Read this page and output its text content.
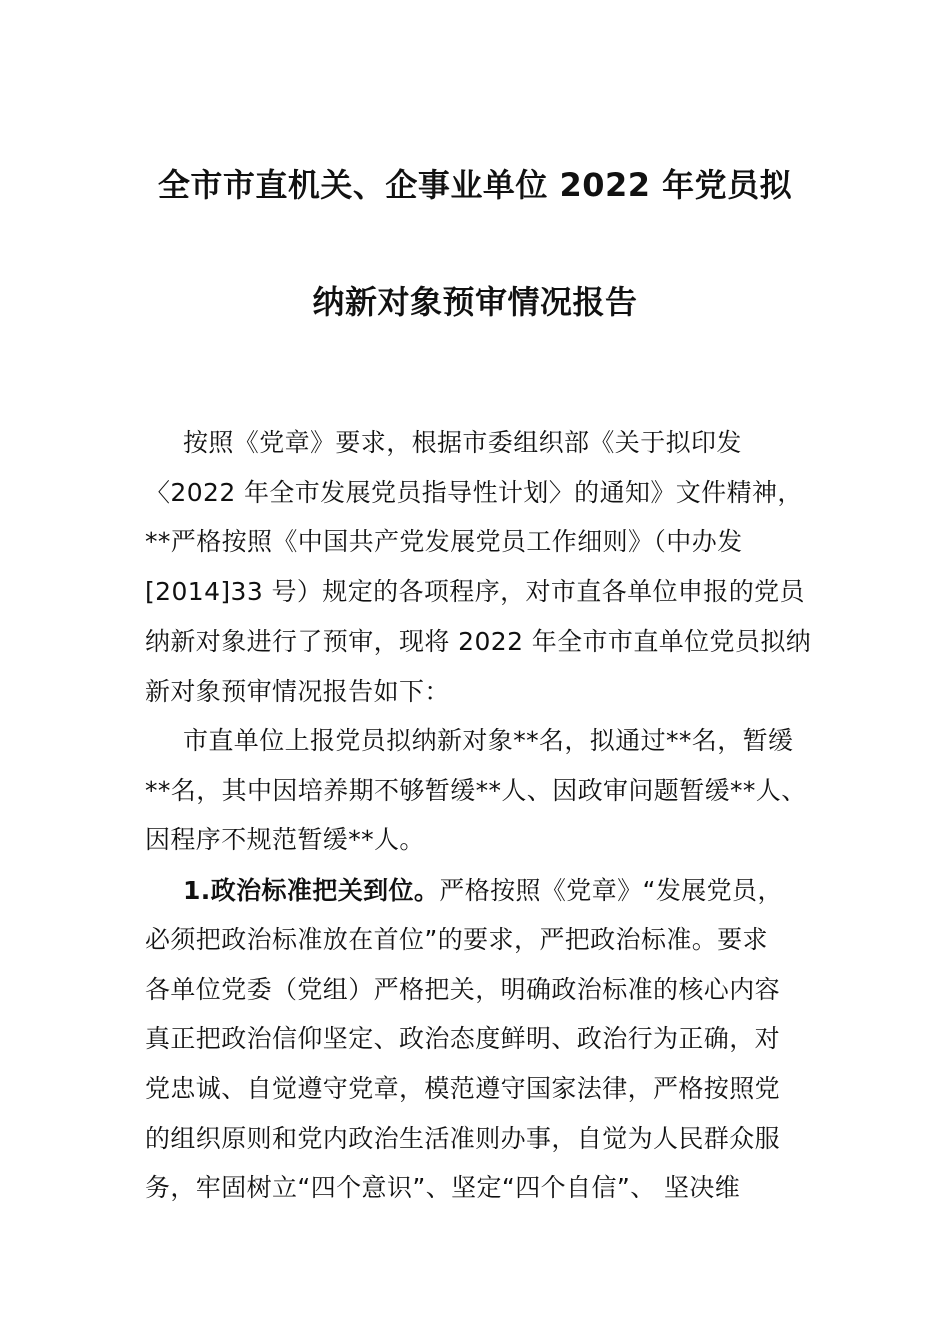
全市市直机关、企事业单位 2022 年党员拟
纳新对象预审情况报告
按照《党章》要求，根据市委组织部《关于拟印发
〈2022 年全市发展党员指导性计划〉的通知》文件精神，
**严格按照《中国共产党发展党员工作细则》（中办发
[2014]33 号）规定的各项程序，对市直各单位申报的党员
纳新对象进行了预审，现将 2022 年全市市直单位党员拟纳
新对象预审情况报告如下：
市直单位上报党员拟纳新对象**名，拟通过**名，暂缓
**名，其中因培养期不够暂缓**人、因政审问题暂缓**人、
因程序不规范暂缓**人。
1.政治标准把关到位。严格按照《党章》“发展党员，
必须把政治标准放在首位”的要求，严把政治标准。要求
各单位党委（党组）严格把关，明确政治标准的核心内容
真正把政治信仰坚定、政治态度鲜明、政治行为正确，对
党忠诚、自觉遵守党章，模范遵守国家法律，严格按照党
的组织原则和党内政治生活准则办事，自觉为人民群众服
务，牢固树立“四个意识”、坚定“四个自信”、 坚决维
